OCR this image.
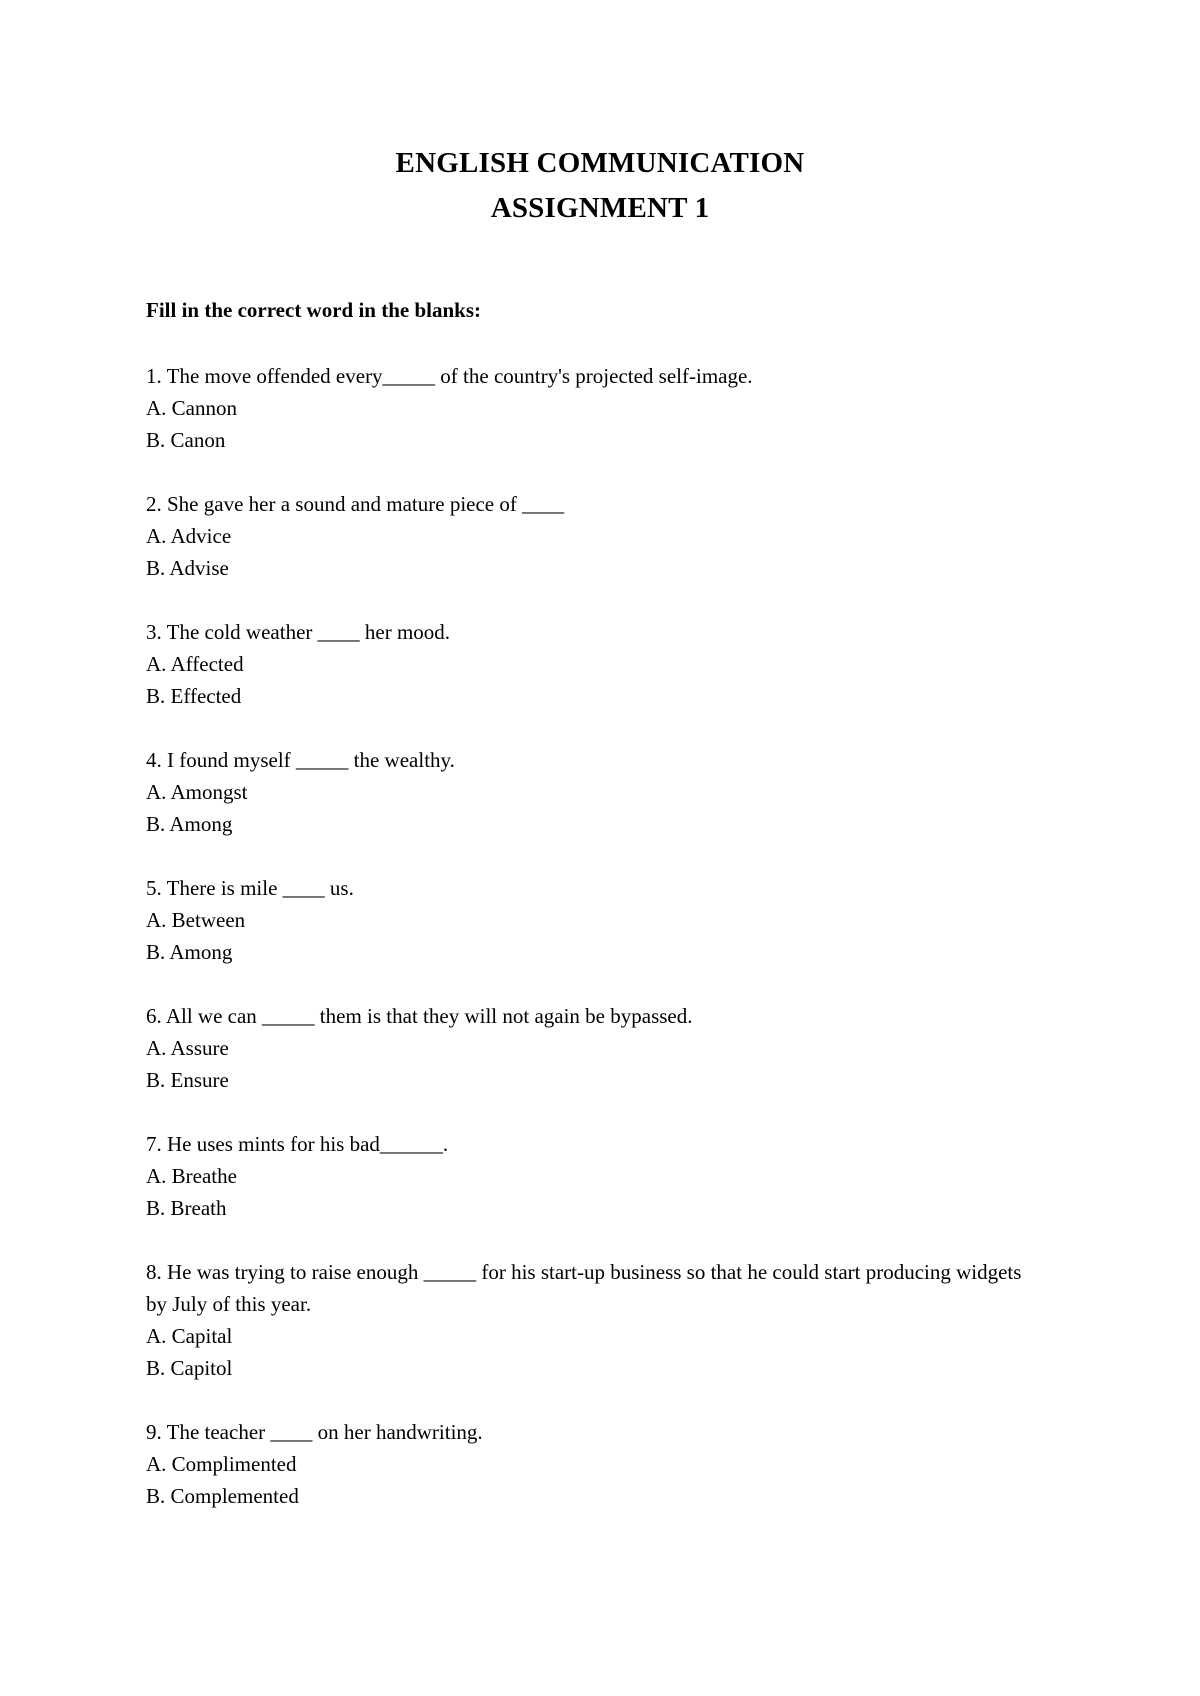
ENGLISH COMMUNICATION
ASSIGNMENT 1
Fill in the correct word in the blanks:
1. The move offended every_____ of the country's projected self-image.
A. Cannon
B. Canon
2. She gave her a sound and mature piece of ____
A. Advice
B. Advise
3. The cold weather ____ her mood.
A. Affected
B. Effected
4. I found myself _____ the wealthy.
A. Amongst
B. Among
5. There is mile ____ us.
A. Between
B. Among
6. All we can _____ them is that they will not again be bypassed.
A. Assure
B. Ensure
7. He uses mints for his bad______.
A. Breathe
B. Breath
8. He was trying to raise enough _____ for his start-up business so that he could start producing widgets by July of this year.
A. Capital
B. Capitol
9. The teacher ____ on her handwriting.
A. Complimented
B. Complemented
